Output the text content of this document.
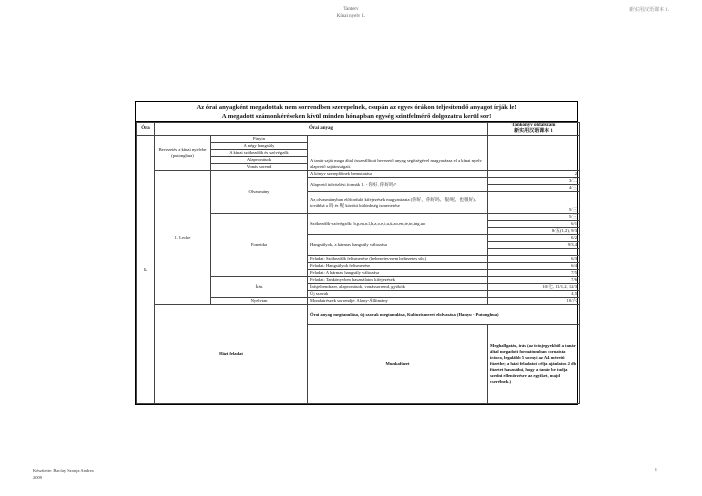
Tanterv
Kínai nyelv 1.
新实用汉语课本 1.
Az órai anyagként megadottak nem sorrendben szerepelnek, csupán az egyes órákon teljesítendő anyagot írják le!
A megadott számonkéréseken kívül minden hónapban egység szintfelmérő dolgozatra kerül sor!
Óra	Órai anyag			Tankönyv oldalszám
新实用汉语课本 1	

1.	Bevezetés a kínai nyelvbe (putonghua)	Pinyin	A tanár saját maga által összeállított bevezető anyag segítségével magyarázza el a kínai nyelv alapvető sajátosságait.		
		A négy hangsúly			
		A kínai szókezdők és szóvégzők			
		Alapvonások			
		Vonás sorend			
	1. Lecke	Olvasmány	A könyv szereplőinek bemutatása	2	
			Alapvető üdvözlési formák 1. - 你好, 你好吗?	3/二	
				4/三	
			Az olvasmányban előforduló kifejezések magyarázata (你好、你好吗、很/呢、也很好), továbbá a 吗 és 呢 közötti különbség ismertetése	5/三	
		Fonetika	Szókezdők-szóvégzők: b,p,m,n,l,h,a,o,e,i,u,ü,ao,en,ie,in,ing,uo	5/三	
				6/1	
				8/五(1,2), 9/3	
			Hangsúlyok, a hármas hangsúly változása	6/2	
				9/3,4	

			Feladat: Szókezdők felismerése (hehezetes-nem hehezetes stb.)	6/3	
			Feladat: Hangsúlyok felismerése	6/4	
			Feladat: A hármas hangsúly változása	7/5	
		Írás	Feladat: Tankönyvben használatos kifejezések	7/6	
			Írásjelrendszer, alapvonások, vonássorrend, gyökök	10/七, 11/1,2, 12/3	
			Új szavak	4,5	
		Nyelvtan	Mondatrészek sorrendje: Alany-Állítmány	10/六	
	Házi feladat		Órai anyag megtanulása, új szavak megtanulása, Kulturismeret elolvasása (Hanyu - Putonghua)	
			Munkafüzet	Meghallgatás, írás (az írásjegyekből a tanár által megadott formátumban :ornaista írásra, legalább 5 sornyi az A4 méretű füzetbe; a házi feladatot célja ajánlatos 2 db füzetet használni, hogy a tanár be tudja szedni ellenőrzésre az egyiket, majd cserélnek.)	
Készítette: Bacfay Szonja Andrea
2009
1
